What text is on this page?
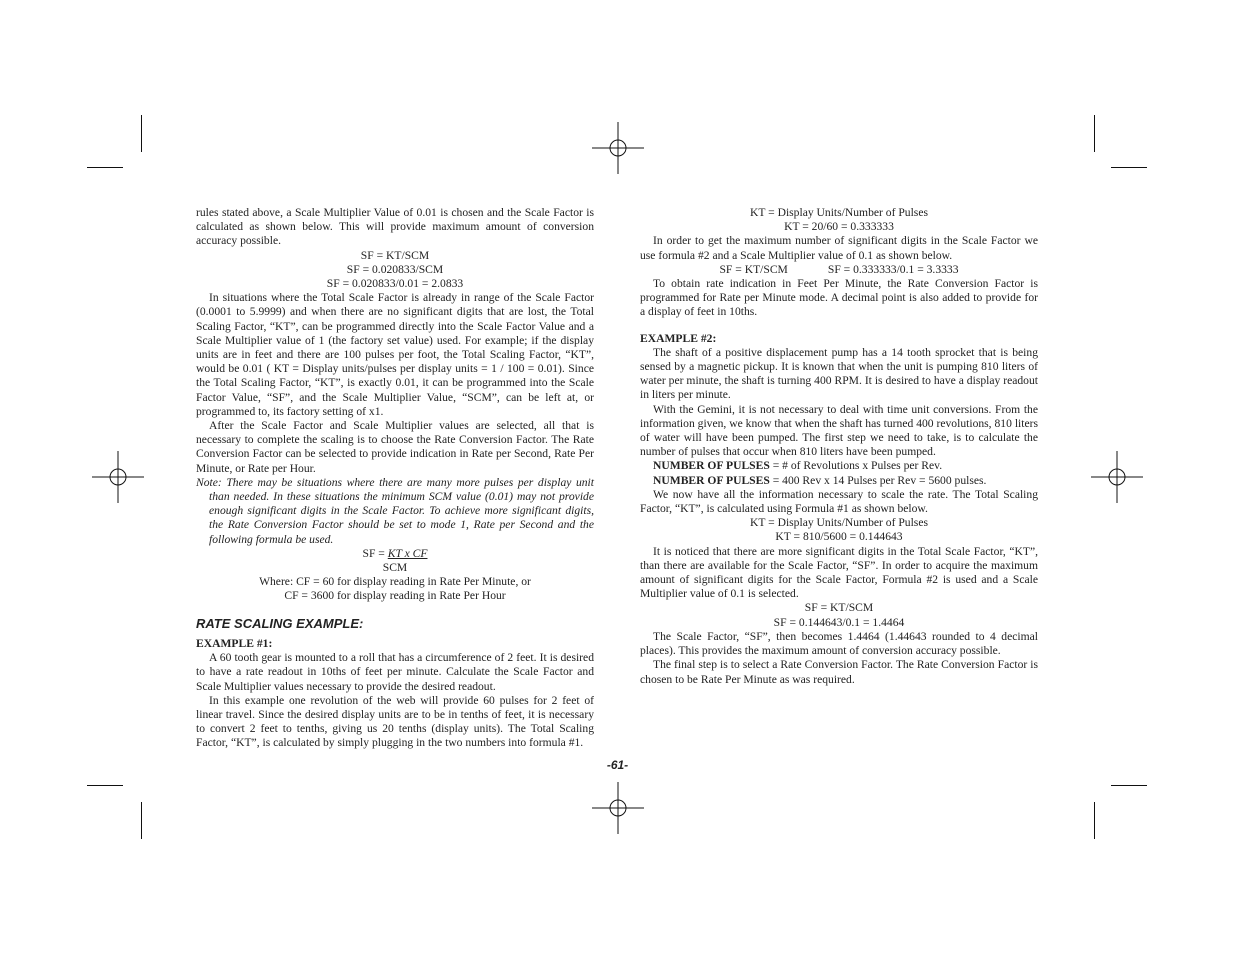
rules stated above, a Scale Multiplier Value of 0.01 is chosen and the Scale Factor is calculated as shown below. This will provide maximum amount of conversion accuracy possible.

SF = KT/SCM

SF = 0.020833/SCM

SF = 0.020833/0.01 = 2.0833

In situations where the Total Scale Factor is already in range of the Scale Factor (0.0001 to 5.9999) and when there are no significant digits that are lost, the Total Scaling Factor, “KT”, can be programmed directly into the Scale Factor Value and a Scale Multiplier value of 1 (the factory set value) used. For example; if the display units are in feet and there are 100 pulses per foot, the Total Scaling Factor, “KT”, would be 0.01 ( KT = Display units/pulses per display units = 1 / 100 = 0.01). Since the Total Scaling Factor, “KT”, is exactly 0.01, it can be programmed into the Scale Factor Value, “SF”, and the Scale Multiplier Value, “SCM”, can be left at, or programmed to, its factory setting of x1.

After the Scale Factor and Scale Multiplier values are selected, all that is necessary to complete the scaling is to choose the Rate Conversion Factor. The Rate Conversion Factor can be selected to provide indication in Rate per Second, Rate Per Minute, or Rate per Hour.

Note: There may be situations where there are many more pulses per display unit than needed. In these situations the minimum SCM value (0.01) may not provide enough significant digits in the Scale Factor. To achieve more significant digits, the Rate Conversion Factor should be set to mode 1, Rate per Second and the following formula be used.

SF = KT x CF

SCM

Where: CF = 60 for display reading in Rate Per Minute, or

CF = 3600 for display reading in Rate Per Hour

RATE SCALING EXAMPLE:
EXAMPLE #1:

A 60 tooth gear is mounted to a roll that has a circumference of 2 feet. It is desired to have a rate readout in 10ths of feet per minute. Calculate the Scale Factor and Scale Multiplier values necessary to provide the desired readout.

In this example one revolution of the web will provide 60 pulses for 2 feet of linear travel. Since the desired display units are to be in tenths of feet, it is necessary to convert 2 feet to tenths, giving us 20 tenths (display units). The Total Scaling Factor, “KT”, is calculated by simply plugging in the two numbers into formula #1.

KT = Display Units/Number of Pulses

KT = 20/60 = 0.333333

In order to get the maximum number of significant digits in the Scale Factor we use formula #2 and a Scale Multiplier value of 0.1 as shown below.

SF = KT/SCM	SF = 0.333333/0.1 = 3.3333

To obtain rate indication in Feet Per Minute, the Rate Conversion Factor is programmed for Rate per Minute mode. A decimal point is also added to provide for a display of feet in 10ths.

EXAMPLE #2:

The shaft of a positive displacement pump has a 14 tooth sprocket that is being sensed by a magnetic pickup. It is known that when the unit is pumping 810 liters of water per minute, the shaft is turning 400 RPM. It is desired to have a display readout in liters per minute.

With the Gemini, it is not necessary to deal with time unit conversions. From the information given, we know that when the shaft has turned 400 revolutions, 810 liters of water will have been pumped. The first step we need to take, is to calculate the number of pulses that occur when 810 liters have been pumped.

NUMBER OF PULSES = # of Revolutions x Pulses per Rev.

NUMBER OF PULSES = 400 Rev x 14 Pulses per Rev = 5600 pulses.

We now have all the information necessary to scale the rate. The Total Scaling Factor, “KT”, is calculated using Formula #1 as shown below.

KT = Display Units/Number of Pulses

KT = 810/5600 = 0.144643

It is noticed that there are more significant digits in the Total Scale Factor, “KT”, than there are available for the Scale Factor, “SF”. In order to acquire the maximum amount of significant digits for the Scale Factor, Formula #2 is used and a Scale Multiplier value of 0.1 is selected.

SF = KT/SCM

SF = 0.144643/0.1 = 1.4464

The Scale Factor, “SF”, then becomes 1.4464 (1.44643 rounded to 4 decimal places). This provides the maximum amount of conversion accuracy possible.

The final step is to select a Rate Conversion Factor. The Rate Conversion Factor is chosen to be Rate Per Minute as was required.

-61-
